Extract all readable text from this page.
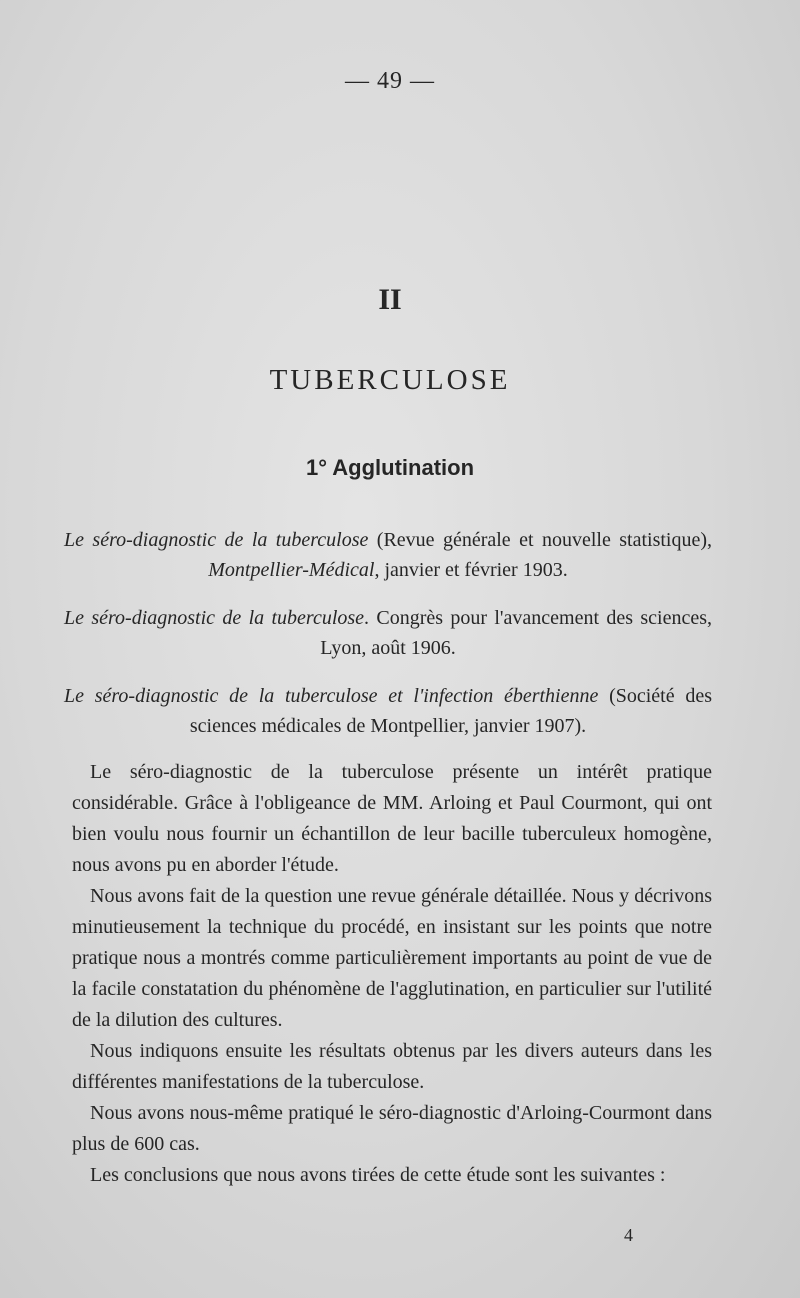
— 49 —
II
TUBERCULOSE
1° Agglutination

Le séro-diagnostic de la tuberculose (Revue générale et nouvelle statistique), Montpellier-Médical, janvier et février 1903.

Le séro-diagnostic de la tuberculose. Congrès pour l'avancement des sciences, Lyon, août 1906.

Le séro-diagnostic de la tuberculose et l'infection éberthienne (Société des sciences médicales de Montpellier, janvier 1907).

Le séro-diagnostic de la tuberculose présente un intérêt pratique considérable. Grâce à l'obligeance de MM. Arloing et Paul Courmont, qui ont bien voulu nous fournir un échantillon de leur bacille tuberculeux homogène, nous avons pu en aborder l'étude.

Nous avons fait de la question une revue générale détaillée. Nous y décrivons minutieusement la technique du procédé, en insistant sur les points que notre pratique nous a montrés comme particulièrement importants au point de vue de la facile constatation du phénomène de l'agglutination, en particulier sur l'utilité de la dilution des cultures.

Nous indiquons ensuite les résultats obtenus par les divers auteurs dans les différentes manifestations de la tuberculose.

Nous avons nous-même pratiqué le séro-diagnostic d'Arloing-Courmont dans plus de 600 cas.

Les conclusions que nous avons tirées de cette étude sont les suivantes :

4
